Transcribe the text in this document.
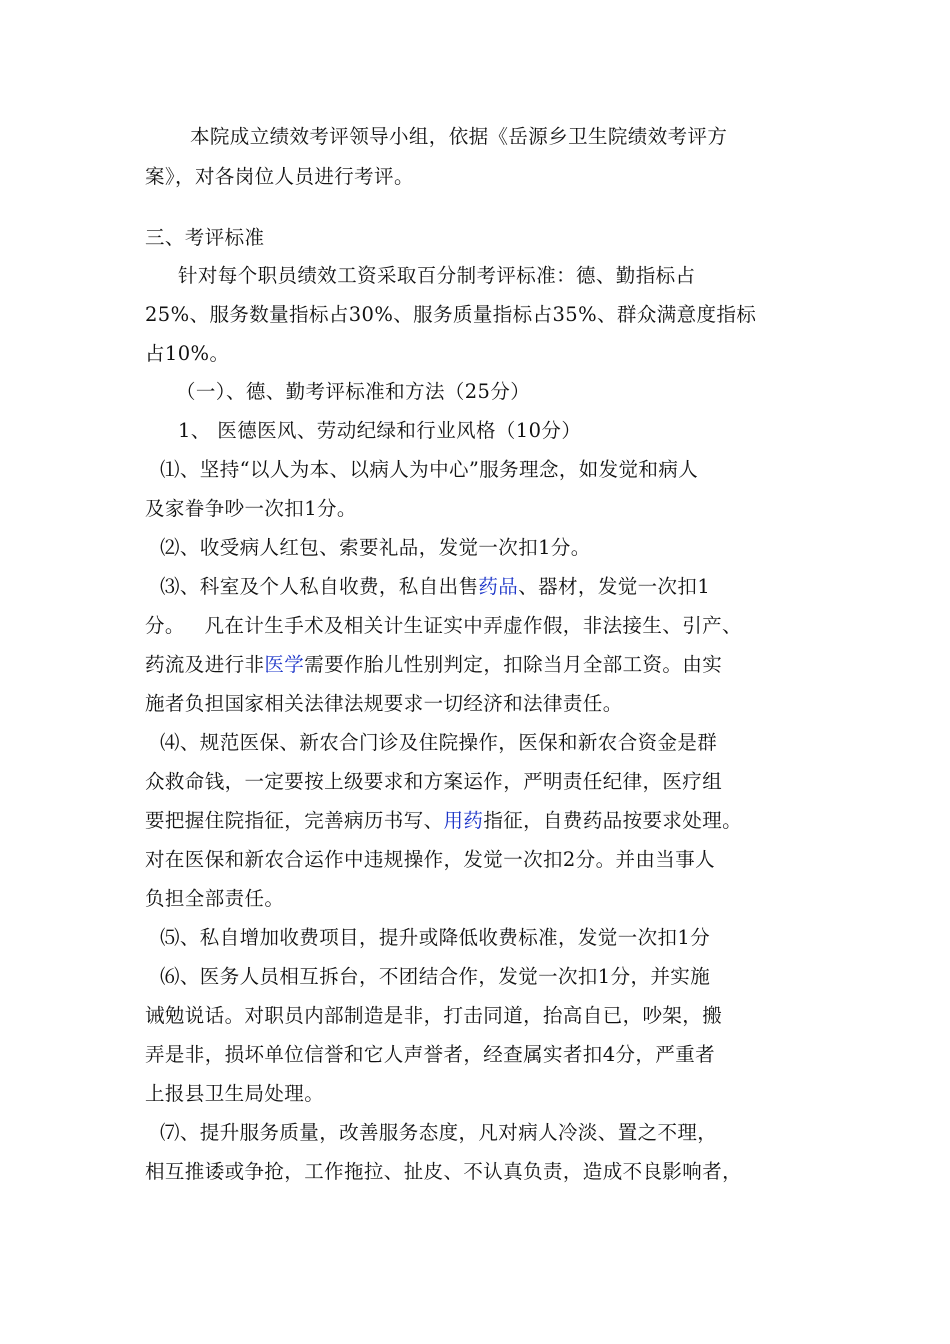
本院成立绩效考评领导小组，依据《岳源乡卫生院绩效考评方
案》，对各岗位人员进行考评。
三、考评标准
针对每个职员绩效工资采取百分制考评标准：德、勤指标占
25%、服务数量指标占30%、服务质量指标占35%、群众满意度指标
占10%。
（一）、德、勤考评标准和方法（25分）
1、 医德医风、劳动纪绿和行业风格（10分）
⑴、坚持“以人为本、以病人为中心”服务理念，如发觉和病人
及家眷争吵一次扣1分。
⑵、收受病人红包、索要礼品，发觉一次扣1分。
⑶、科室及个人私自收费，私自出售药品、器材，发觉一次扣1
分。   凡在计生手术及相关计生证实中弄虚作假，非法接生、引产、
药流及进行非医学需要作胎儿性别判定，扣除当月全部工资。由实
施者负担国家相关法律法规要求一切经济和法律责任。
⑷、规范医保、新农合门诊及住院操作，医保和新农合资金是群
众救命钱，一定要按上级要求和方案运作，严明责任纪律，医疗组
要把握住院指征，完善病历书写、用药指征，自费药品按要求处理。
对在医保和新农合运作中违规操作，发觉一次扣2分。并由当事人
负担全部责任。
⑸、私自增加收费项目，提升或降低收费标准，发觉一次扣1分
⑹、医务人员相互拆台，不团结合作，发觉一次扣1分，并实施
诫勉说话。对职员内部制造是非，打击同道，抬高自已，吵架，搬
弄是非，损坏单位信誉和它人声誉者，经查属实者扣4分，严重者
上报县卫生局处理。
⑺、提升服务质量，改善服务态度，凡对病人冷淡、置之不理，
相互推诿或争抢，工作拖拉、扯皮、不认真负责，造成不良影响者，
